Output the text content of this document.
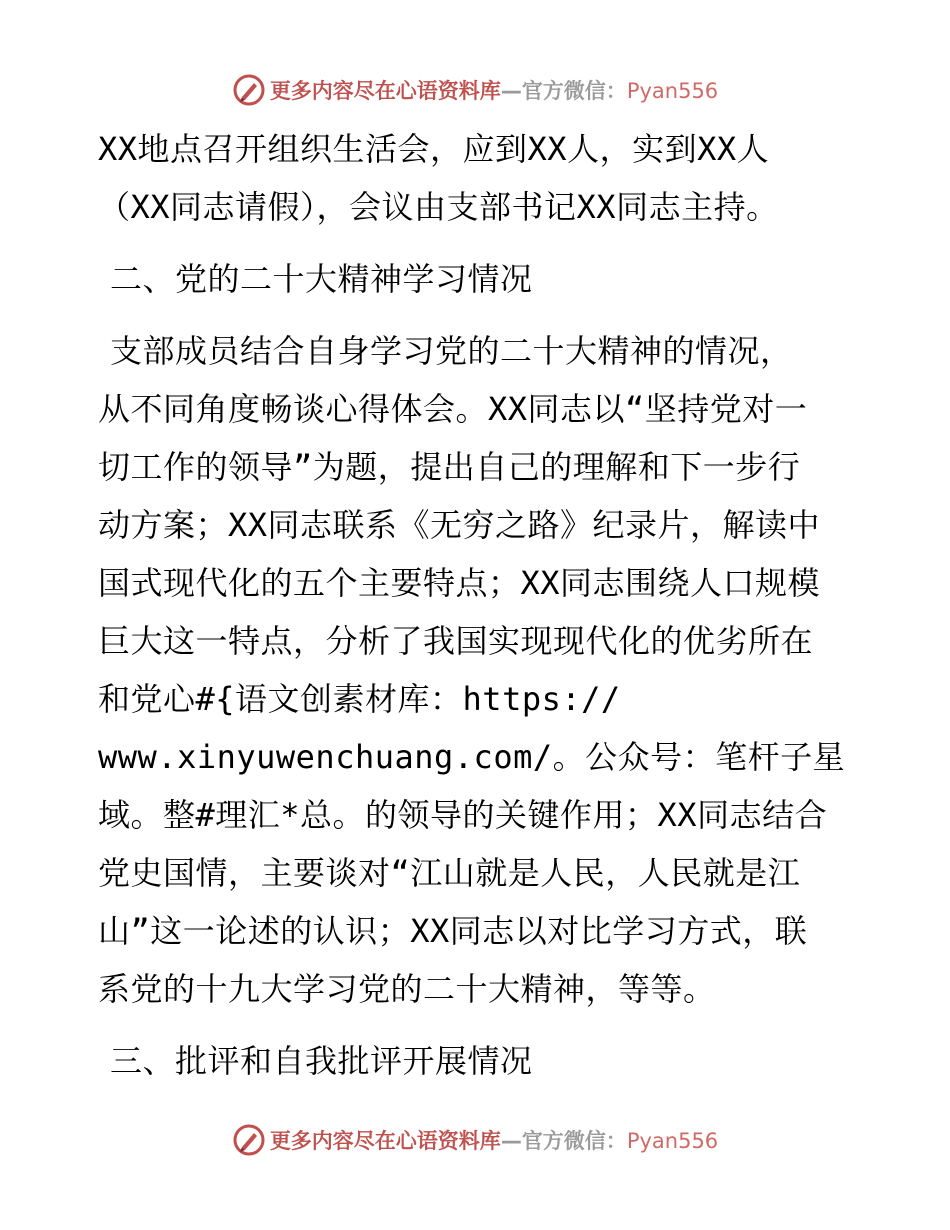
更多内容尽在心语资料库—官方微信：Pyan556
XX地点召开组织生活会，应到XX人，实到XX人
（XX同志请假），会议由支部书记XX同志主持。
二、党的二十大精神学习情况
支部成员结合自身学习党的二十大精神的情况，
从不同角度畅谈心得体会。XX同志以“坚持党对一
切工作的领导”为题，提出自己的理解和下一步行
动方案；XX同志联系《无穷之路》纪录片，解读中
国式现代化的五个主要特点；XX同志围绕人口规模
巨大这一特点，分析了我国实现现代化的优劣所在
和党心#{语文创素材库：https://
www.xinyuwenchuang.com/。公众号：笔杆子星
域。整#理汇*总。的领导的关键作用；XX同志结合
党史国情，主要谈对“江山就是人民，人民就是江
山”这一论述的认识；XX同志以对比学习方式，联
系党的十九大学习党的二十大精神，等等。
三、批评和自我批评开展情况
更多内容尽在心语资料库—官方微信：Pyan556
